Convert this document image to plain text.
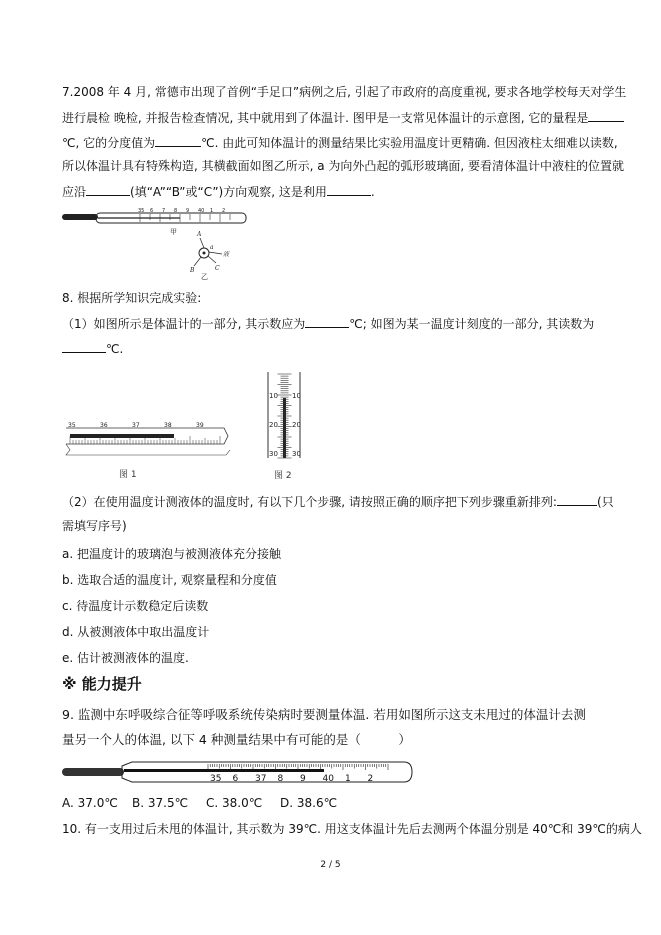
7.2008 年 4 月, 常德市出现了首例“手足口”病例之后, 引起了市政府的高度重视, 要求各地学校每天对学生
进行晨检 晚检, 并报告检查情况, 其中就用到了体温计. 图甲是一支常见体温计的示意图, 它的量程是
℃, 它的分度值为	℃. 由此可知体温计的测量结果比实验用温度计更精确. 但因液柱太细难以读数,
所以体温计具有特殊构造, 其横截面如图乙所示, a 为向外凸起的弧形玻璃面, 要看清体温计中液柱的位置就
应沿	(填“A”“B”或“C”)方向观察, 这是利用	.
35 6 7 8 9 40 1 2
甲	A
a
B	C
液
乙
8. 根据所学知识完成实验:
（1）如图所示是体温计的一部分, 其示数应为	℃; 如图为某一温度计刻度的一部分, 其读数为
℃.
35	36	37	38	39
图 1
10 10
20 20
30 30
图 2
（2）在使用温度计测液体的温度时, 有以下几个步骤, 请按照正确的顺序把下列步骤重新排列:	(只
需填写序号)
a. 把温度计的玻璃泡与被测液体充分接触
b. 选取合适的温度计, 观察量程和分度值
c. 待温度计示数稳定后读数
d. 从被测液体中取出温度计
e. 估计被测液体的温度.
※ 能力提升
9. 监测中东呼吸综合征等呼吸系统传染病时要测量体温. 若用如图所示这支未甩过的体温计去测
量另一个人的体温, 以下 4 种测量结果中有可能的是（　　　）
35 6 37 8 9 40 1 2
A. 37.0℃ B. 37.5℃ C. 38.0℃ D. 38.6℃
10. 有一支用过后未甩的体温计, 其示数为 39℃. 用这支体温计先后去测两个体温分别是 40℃和 39℃的病人
2 / 5
